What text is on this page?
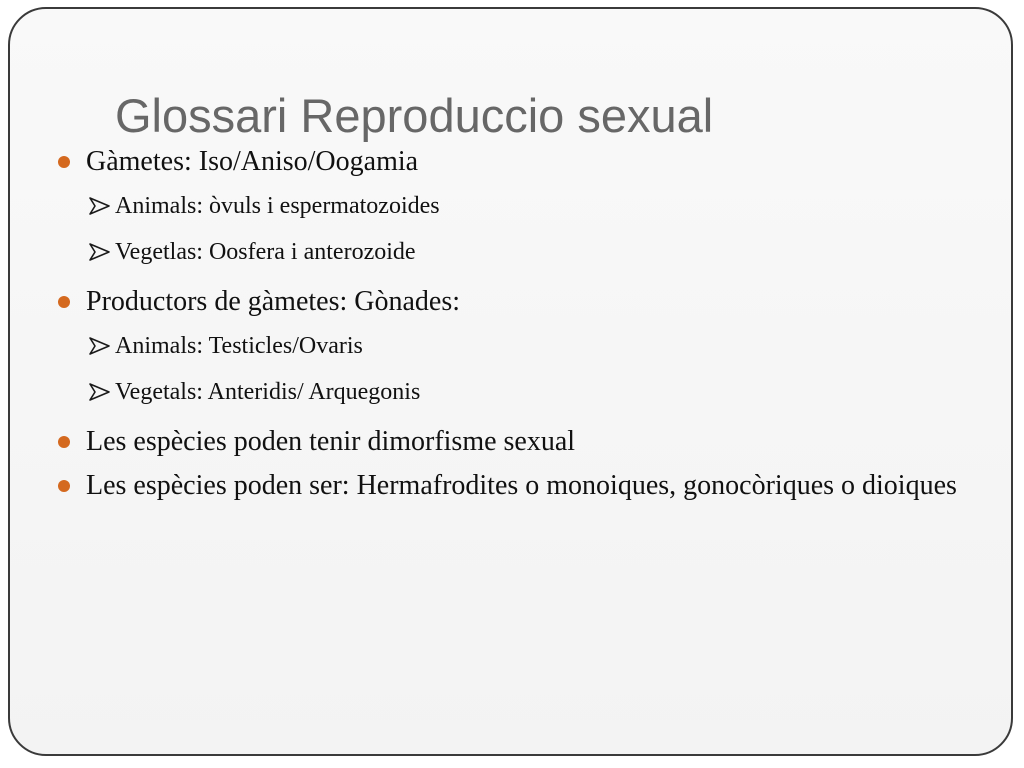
Glossari Reproduccio sexual
Gàmetes: Iso/Aniso/Oogamia
Animals: òvuls i espermatozoides
Vegetlas: Oosfera i anterozoide
Productors de gàmetes: Gònades:
Animals: Testicles/Ovaris
Vegetals: Anteridis/ Arquegonis
Les espècies poden tenir dimorfisme sexual
Les espècies poden ser: Hermafrodites o monoiques, gonocòriques o dioiques
